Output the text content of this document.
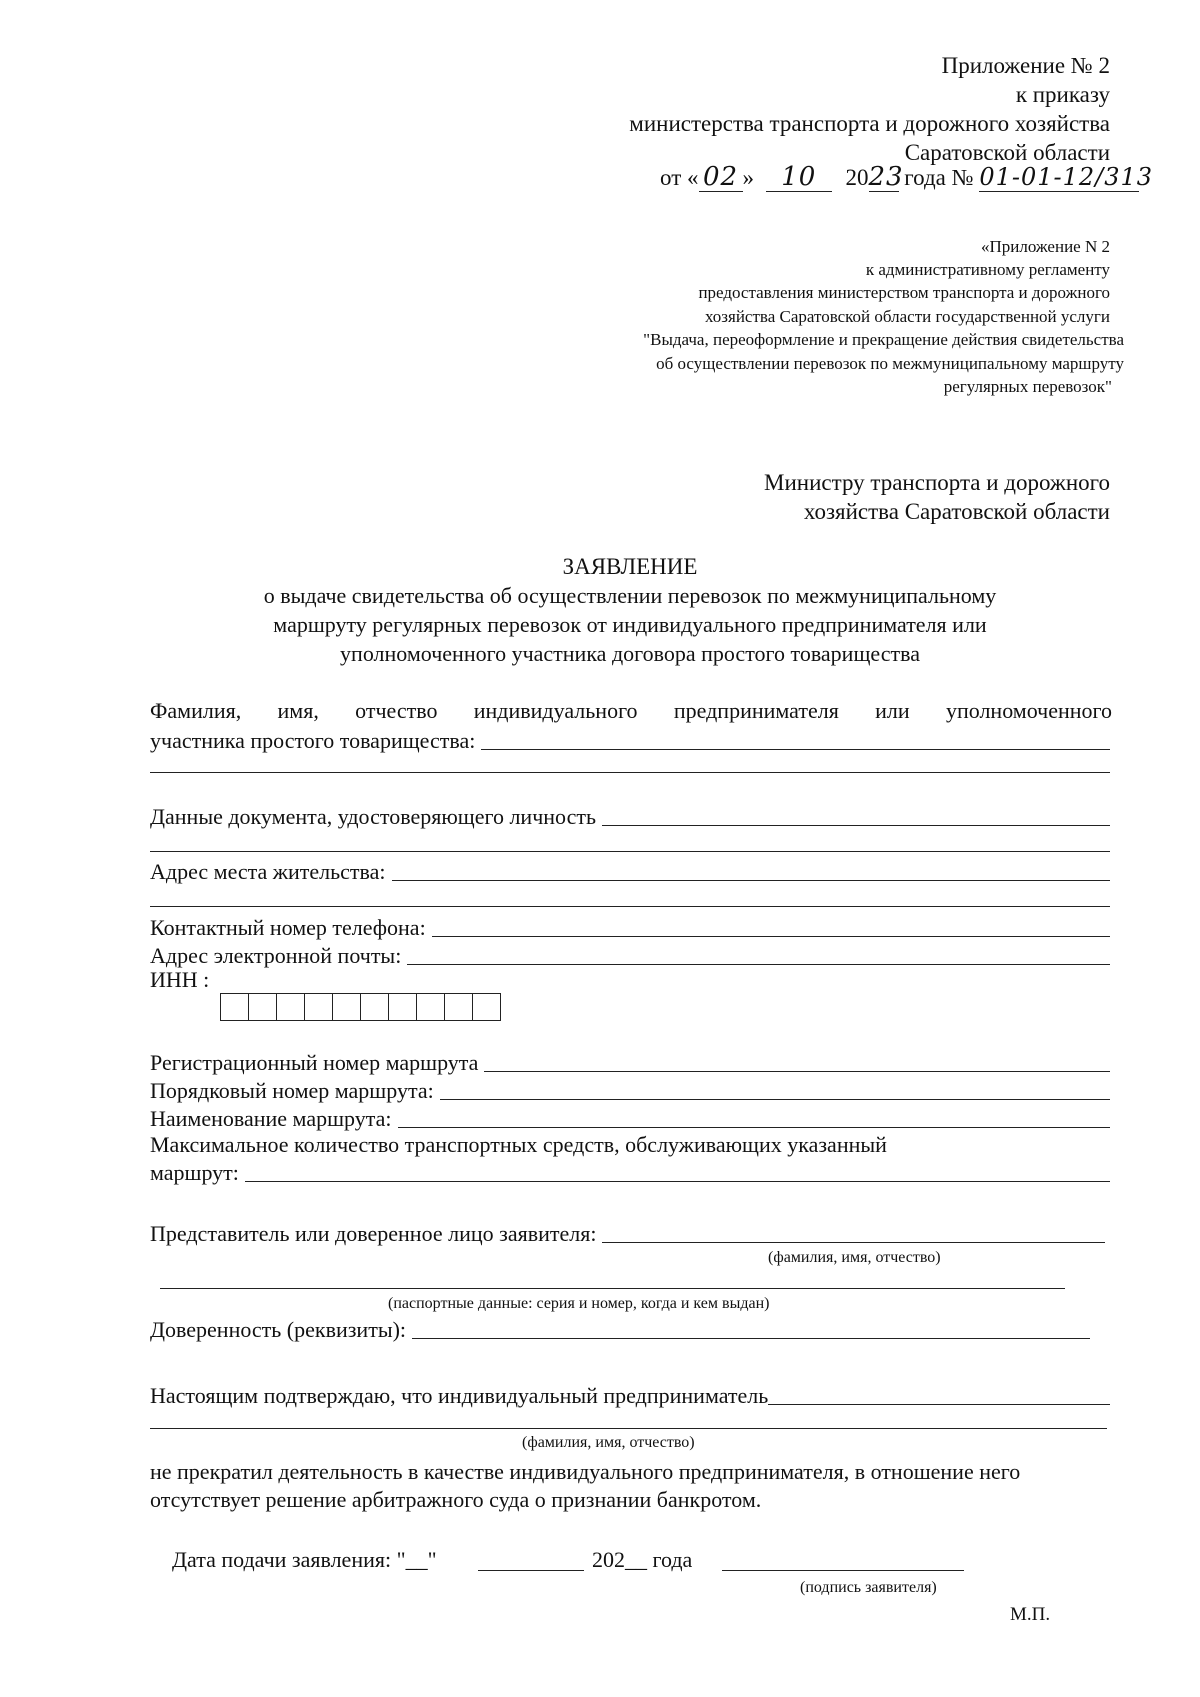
Приложение № 2
к приказу
министерства транспорта и дорожного хозяйства
Саратовской области
от « 02 » 10 2023 года № 01-01-12/313
«Приложение N 2
к административному регламенту
предоставления министерством транспорта и дорожного
хозяйства Саратовской области государственной услуги
"Выдача, переоформление и прекращение действия свидетельства
об осуществлении перевозок по межмуниципальному маршруту
регулярных перевозок"
Министру транспорта и дорожного
хозяйства Саратовской области
ЗАЯВЛЕНИЕ
о выдаче свидетельства об осуществлении перевозок по межмуниципальному
маршруту регулярных перевозок от индивидуального предпринимателя или
уполномоченного участника договора простого товарищества
Фамилия, имя, отчество индивидуального предпринимателя или уполномоченного
участника простого товарищества:
Данные документа, удостоверяющего личность
Адрес места жительства:
Контактный номер телефона:
Адрес электронной почты:
ИНН :
Регистрационный номер маршрута
Порядковый номер маршрута:
Наименование маршрута:
Максимальное количество транспортных средств, обслуживающих указанный
маршрут:
Представитель или доверенное лицо заявителя:
(фамилия, имя, отчество)
(паспортные данные: серия и номер, когда и кем выдан)
Доверенность (реквизиты):
Настоящим подтверждаю, что индивидуальный предприниматель
(фамилия, имя, отчество)
не прекратил деятельность в качестве индивидуального предпринимателя, в отношение него
отсутствует решение арбитражного суда о признании банкротом.
Дата подачи заявления: "__"	202__ года
(подпись заявителя)
М.П.
